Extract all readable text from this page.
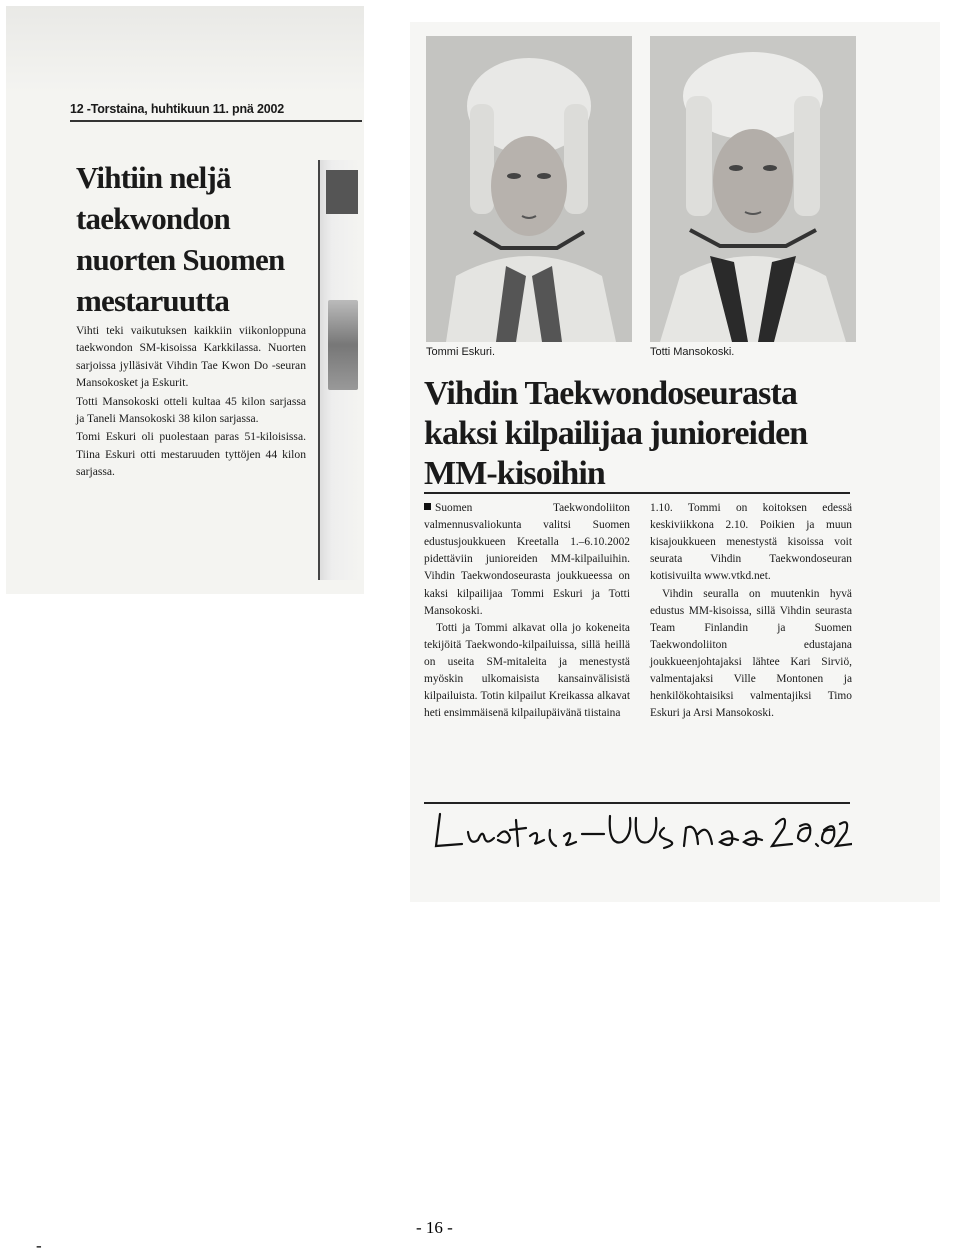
12 -Torstaina, huhtikuun 11. pnä 2002
Vihtiin neljä taekwondon nuorten Suomen mestaruutta

Vihti teki vaikutuksen kaikkiin viikonloppuna taekwondon SM-kisoissa Karkkilassa. Nuorten sarjoissa jylläsivät Vihdin Tae Kwon Do -seuran Mansokosket ja Eskurit.

Totti Mansokoski otteli kultaa 45 kilon sarjassa ja Taneli Mansokoski 38 kilon sarjassa.

Tomi Eskuri oli puolestaan paras 51-kiloisissa. Tiina Eskuri otti mestaruuden tyttöjen 44 kilon sarjassa.

Tommi Eskuri.	Totti Mansokoski.
Vihdin Taekwondoseurasta kaksi kilpailijaa junioreiden MM-kisoihin

Suomen Taekwondoliiton valmennusvaliokunta valitsi Suomen edustusjoukkueen Kreetalla 1.–6.10.2002 pidettäviin junioreiden MM-kilpailuihin. Vihdin Taekwondoseurasta joukkueessa on kaksi kilpailijaa Tommi Eskuri ja Totti Mansokoski.

Totti ja Tommi alkavat olla jo kokeneita tekijöitä Taekwondo-kilpailuissa, sillä heillä on useita SM-mitaleita ja menestystä myöskin ulkomaisista kansainvälisistä kilpailuista. Totin kilpailut Kreikassa alkavat heti ensimmäisenä kilpailupäivänä tiistaina

1.10. Tommi on koitoksen edessä keskiviikkona 2.10. Poikien ja muun kisajoukkueen menestystä kisoissa voit seurata Vihdin Taekwondoseuran kotisivuilta www.vtkd.net.

Vihdin seuralla on muutenkin hyvä edustus MM-kisoissa, sillä Vihdin seurasta Team Finlandin ja Suomen Taekwondoliiton edustajana joukkueenjohtajaksi lähtee Kari Sirviö, valmentajaksi Ville Montonen ja henkilökohtaisiksi valmentajiksi Timo Eskuri ja Arsi Mansokoski.

- 16 -
-
